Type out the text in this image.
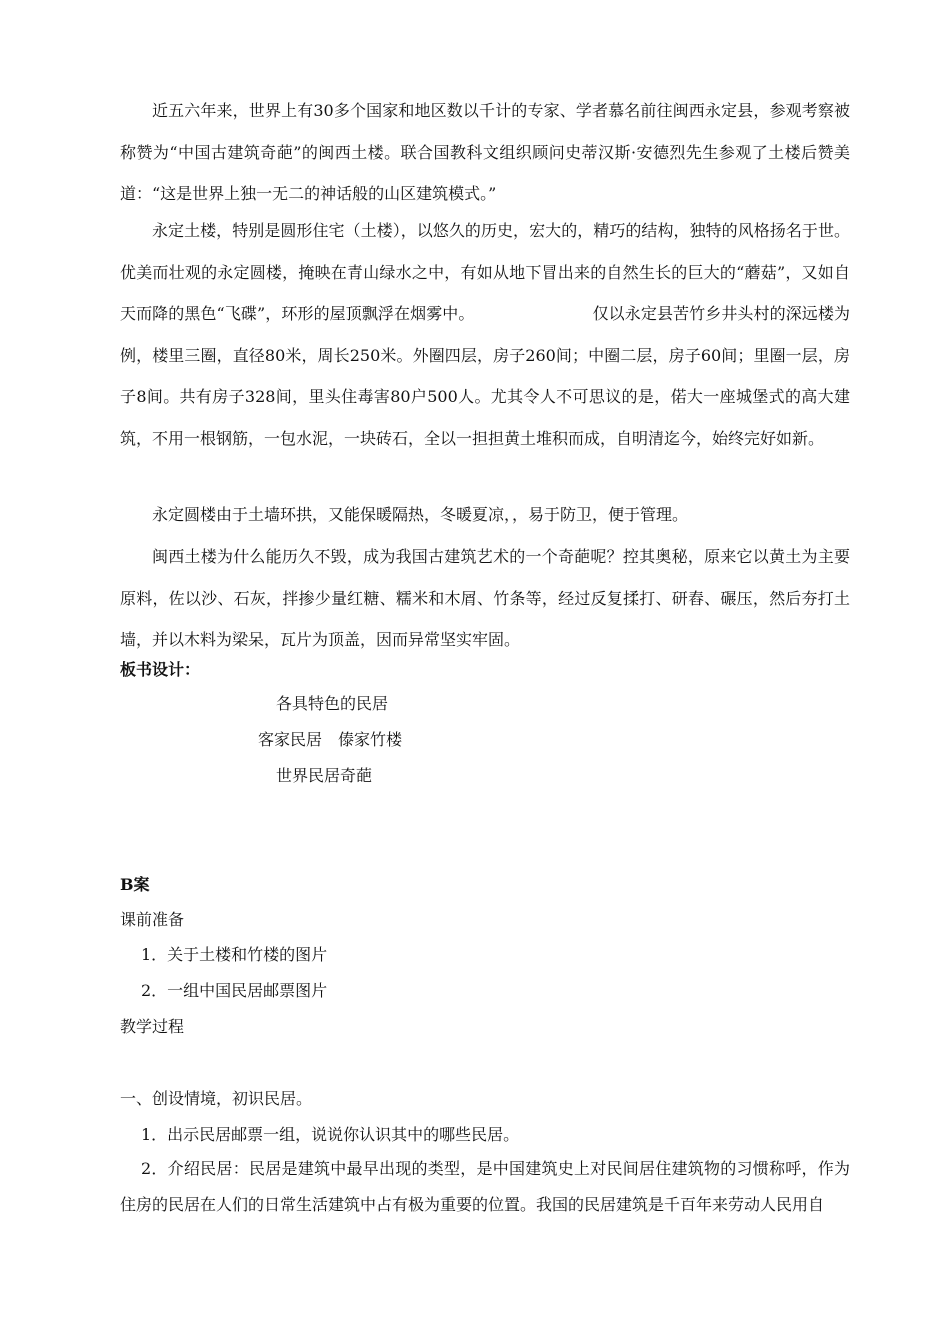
近五六年来，世界上有30多个国家和地区数以千计的专家、学者慕名前往闽西永定县，参观考察被称赞为“中国古建筑奇葩”的闽西土楼。联合国教科文组织顾问史蒂汉斯·安德烈先生参观了土楼后赞美道：“这是世界上独一无二的神话般的山区建筑模式。”

永定土楼，特别是圆形住宅（土楼），以悠久的历史，宏大的，精巧的结构，独特的风格扬名于世。优美而壮观的永定圆楼，掩映在青山绿水之中，有如从地下冒出来的自然生长的巨大的“蘑菇”，又如自天而降的黑色“飞碟”，环形的屋顶飘浮在烟雾中。	仅以永定县苦竹乡井头村的深远楼为例，楼里三圈，直径80米，周长250米。外圈四层，房子260间；中圈二层，房子60间；里圈一层，房子8间。共有房子328间，里头住毒害80户500人。尤其令人不可思议的是，偌大一座城堡式的高大建筑，不用一根钢筋，一包水泥，一块砖石，全以一担担黄土堆积而成，自明清迄今，始终完好如新。

永定圆楼由于土墙环拱，又能保暖隔热，冬暖夏凉，，易于防卫，便于管理。

闽西土楼为什么能历久不毁，成为我国古建筑艺术的一个奇葩呢？控其奥秘，原来它以黄土为主要原料，佐以沙、石灰，拌掺少量红糖、糯米和木屑、竹条等，经过反复揉打、研舂、碾压，然后夯打土墙，并以木料为梁呆，瓦片为顶盖，因而异常坚实牢固。

板书设计：

各具特色的民居

客家民居　傣家竹楼

世界民居奇葩

B案

课前准备

1．关于土楼和竹楼的图片

2．一组中国民居邮票图片

教学过程

一、创设情境，初识民居。

1．出示民居邮票一组，说说你认识其中的哪些民居。

2．介绍民居：民居是建筑中最早出现的类型，是中国建筑史上对民间居住建筑物的习惯称呼，作为住房的民居在人们的日常生活建筑中占有极为重要的位置。我国的民居建筑是千百年来劳动人民用自
